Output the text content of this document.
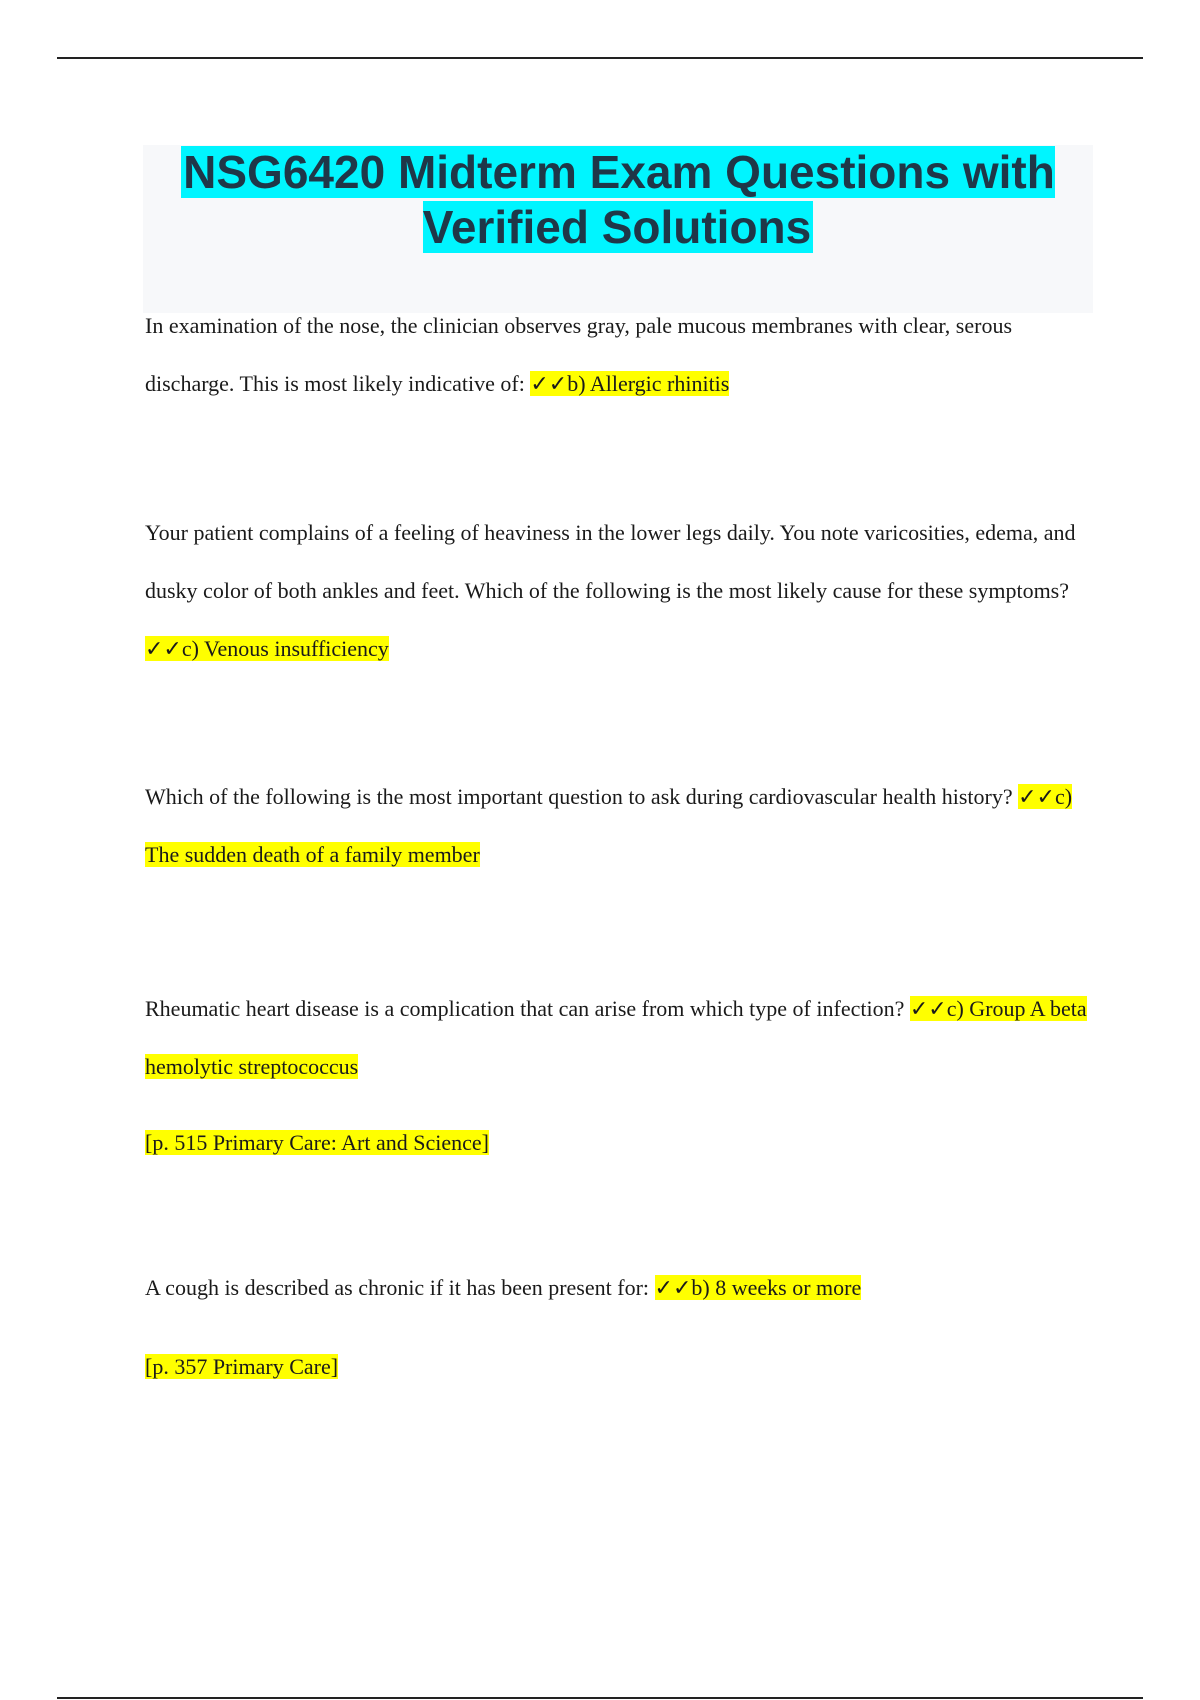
NSG6420 Midterm Exam Questions with Verified Solutions

In examination of the nose, the clinician observes gray, pale mucous membranes with clear, serous discharge. This is most likely indicative of: ✓✓b) Allergic rhinitis

Your patient complains of a feeling of heaviness in the lower legs daily. You note varicosities, edema, and dusky color of both ankles and feet. Which of the following is the most likely cause for these symptoms? ✓✓c) Venous insufficiency

Which of the following is the most important question to ask during cardiovascular health history? ✓✓c) The sudden death of a family member

Rheumatic heart disease is a complication that can arise from which type of infection? ✓✓c) Group A beta hemolytic streptococcus

[p. 515 Primary Care: Art and Science]

A cough is described as chronic if it has been present for: ✓✓b) 8 weeks or more

[p. 357 Primary Care]
